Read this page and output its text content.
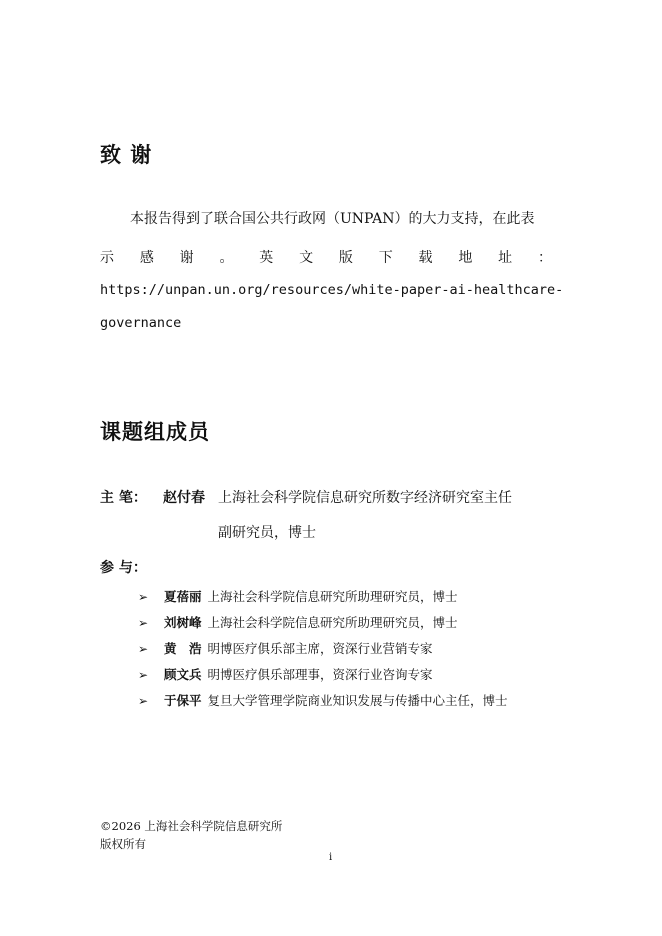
致 谢
本报告得到了联合国公共行政网（UNPAN）的大力支持，在此表
示 感 谢 。 英 文 版 下 载 地 址 ：
https://unpan.un.org/resources/white-paper-ai-healthcare-
governance
课题组成员
主 笔： 赵付春 上海社会科学院信息研究所数字经济研究室主任
副研究员，博士
参 与：
➢	夏蓓丽 上海社会科学院信息研究所助理研究员，博士
➢	刘树峰 上海社会科学院信息研究所助理研究员，博士
➢	黄　浩 明博医疗俱乐部主席，资深行业营销专家
➢	顾文兵 明博医疗俱乐部理事，资深行业咨询专家
➢	于保平 复旦大学管理学院商业知识发展与传播中心主任，博士
©2026 上海社会科学院信息研究所
版权所有
i
